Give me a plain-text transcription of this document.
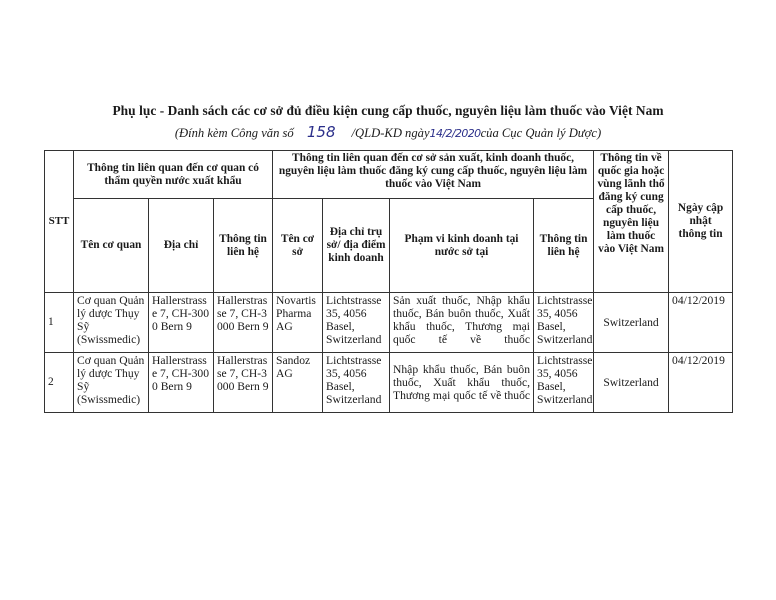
Phụ lục - Danh sách các cơ sở đủ điều kiện cung cấp thuốc, nguyên liệu làm thuốc vào Việt Nam
(Đính kèm Công văn số 158 /QLD-KD ngày14/2/2020của Cục Quản lý Dược)
STT	Thông tin liên quan đến cơ quan có thẩm quyền nước xuất khẩu			Thông tin liên quan đến cơ sở sản xuất, kinh doanh thuốc, nguyên liệu làm thuốc đăng ký cung cấp thuốc, nguyên liệu làm thuốc vào Việt Nam				Thông tin về quốc gia hoặc vùng lãnh thổ đăng ký cung cấp thuốc, nguyên liệu làm thuốc vào Việt Nam	Ngày cập nhật thông tin
	Tên cơ quan	Địa chỉ	Thông tin liên hệ	Tên cơ sở	Địa chỉ trụ sở/ địa điểm kinh doanh	Phạm vi kinh doanh tại nước sở tại	Thông tin liên hệ		
1	Cơ quan Quản lý dược Thụy Sỹ (Swissmedic)	Hallerstrasse 7, CH-3000 Bern 9	Hallerstrasse 7, CH-3000 Bern 9	Novartis Pharma AG	Lichtstrasse 35, 4056 Basel, Switzerland	Sản xuất thuốc, Nhập khẩu thuốc, Bán buôn thuốc, Xuất khẩu thuốc, Thương mại quốc tế về thuốc	Lichtstrasse 35, 4056 Basel, Switzerland	Switzerland	04/12/2019
2	Cơ quan Quản lý dược Thụy Sỹ (Swissmedic)	Hallerstrasse 7, CH-3000 Bern 9	Hallerstrasse 7, CH-3000 Bern 9	Sandoz AG	Lichtstrasse 35, 4056 Basel, Switzerland	Nhập khẩu thuốc, Bán buôn thuốc, Xuất khẩu thuốc, Thương mại quốc tế về thuốc	Lichtstrasse 35, 4056 Basel, Switzerland	Switzerland	04/12/2019
